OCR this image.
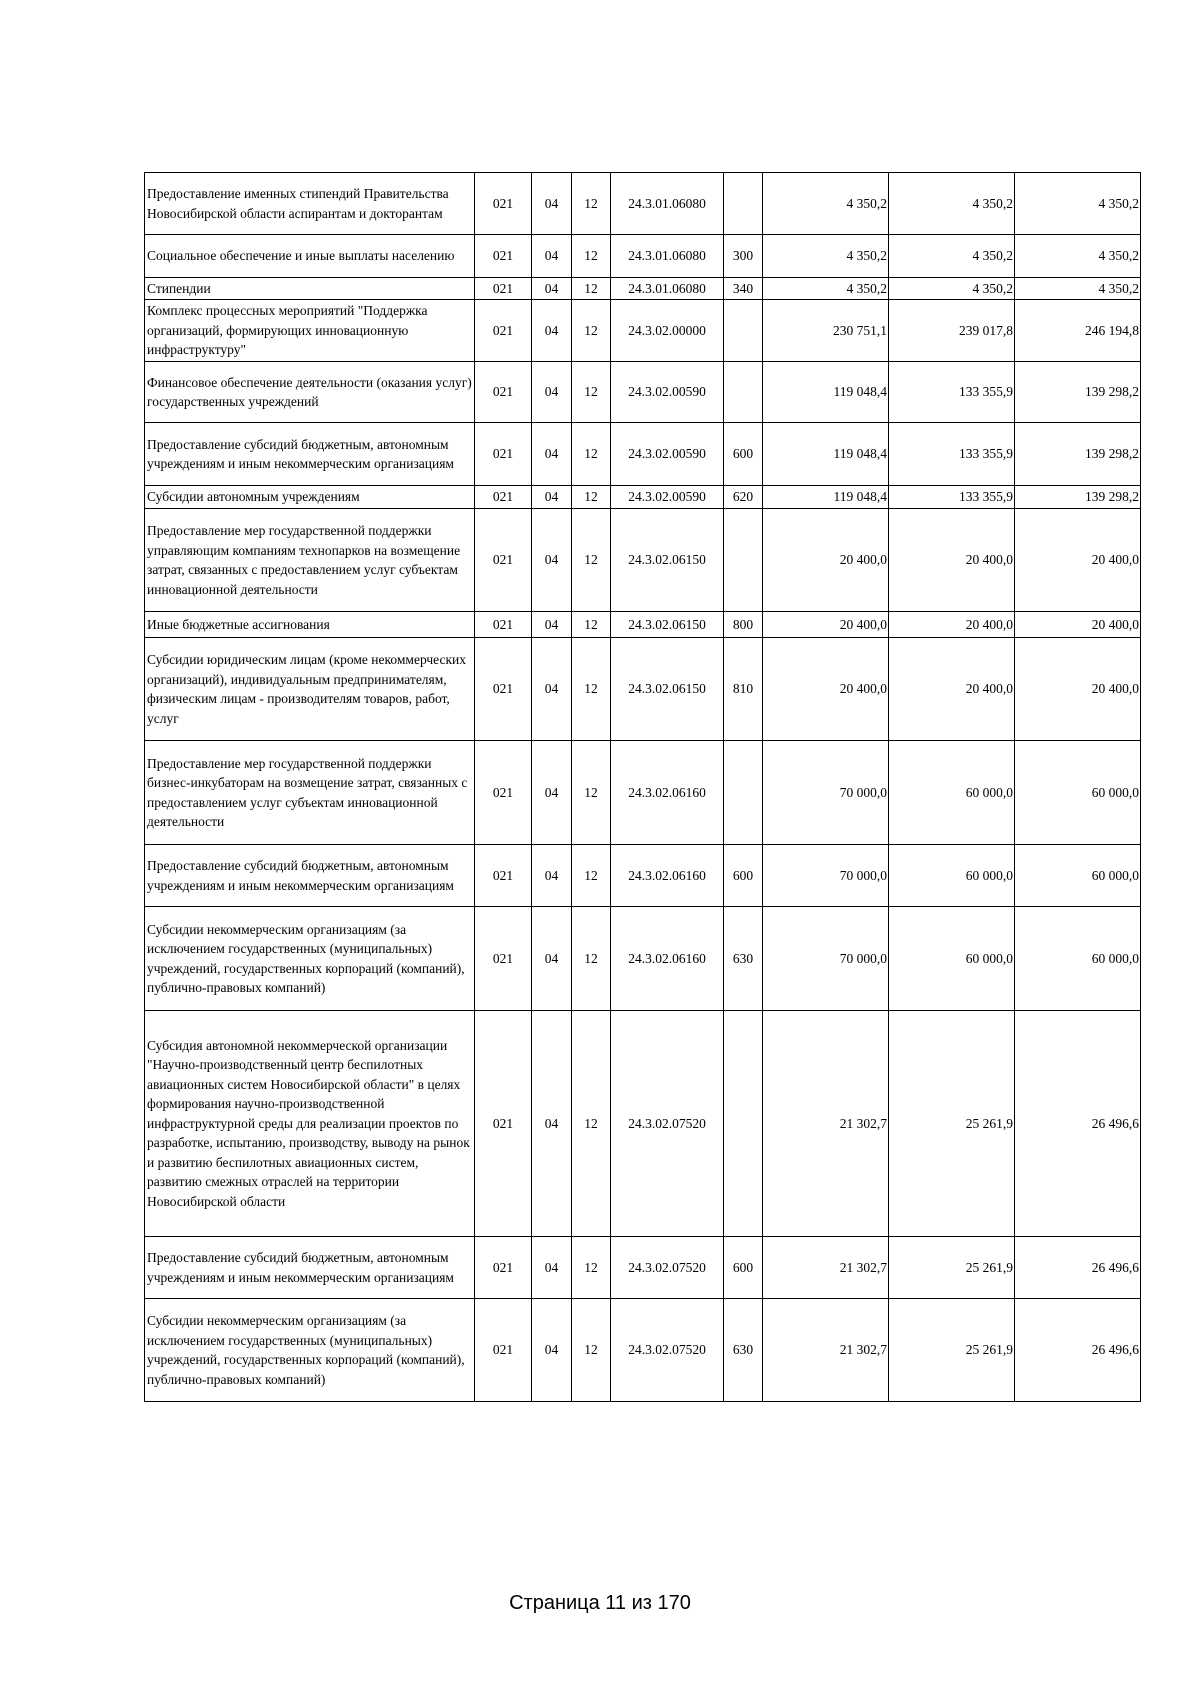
Предоставление именных стипендий Правительства Новосибирской области аспирантам и докторантам	021	04	12	24.3.01.06080		4 350,2	4 350,2	4 350,2
Социальное обеспечение и иные выплаты населению	021	04	12	24.3.01.06080	300	4 350,2	4 350,2	4 350,2
Стипендии	021	04	12	24.3.01.06080	340	4 350,2	4 350,2	4 350,2
Комплекс процессных мероприятий "Поддержка организаций, формирующих инновационную инфраструктуру"	021	04	12	24.3.02.00000		230 751,1	239 017,8	246 194,8
Финансовое обеспечение деятельности (оказания услуг) государственных учреждений	021	04	12	24.3.02.00590		119 048,4	133 355,9	139 298,2
Предоставление субсидий бюджетным, автономным учреждениям и иным некоммерческим организациям	021	04	12	24.3.02.00590	600	119 048,4	133 355,9	139 298,2
Субсидии автономным учреждениям	021	04	12	24.3.02.00590	620	119 048,4	133 355,9	139 298,2
Предоставление мер государственной поддержки управляющим компаниям технопарков на возмещение затрат, связанных с предоставлением услуг субъектам инновационной деятельности	021	04	12	24.3.02.06150		20 400,0	20 400,0	20 400,0
Иные бюджетные ассигнования	021	04	12	24.3.02.06150	800	20 400,0	20 400,0	20 400,0
Субсидии юридическим лицам (кроме некоммерческих организаций), индивидуальным предпринимателям, физическим лицам - производителям товаров, работ, услуг	021	04	12	24.3.02.06150	810	20 400,0	20 400,0	20 400,0
Предоставление мер государственной поддержки бизнес-инкубаторам на возмещение затрат, связанных с предоставлением услуг субъектам инновационной деятельности	021	04	12	24.3.02.06160		70 000,0	60 000,0	60 000,0
Предоставление субсидий бюджетным, автономным учреждениям и иным некоммерческим организациям	021	04	12	24.3.02.06160	600	70 000,0	60 000,0	60 000,0
Субсидии некоммерческим организациям (за исключением государственных (муниципальных) учреждений, государственных корпораций (компаний), публично-правовых компаний)	021	04	12	24.3.02.06160	630	70 000,0	60 000,0	60 000,0
Субсидия автономной некоммерческой организации "Научно-производственный центр беспилотных авиационных систем Новосибирской области" в целях формирования научно-производственной инфраструктурной среды для реализации проектов по разработке, испытанию, производству, выводу на рынок и развитию беспилотных авиационных систем, развитию смежных отраслей на территории Новосибирской области	021	04	12	24.3.02.07520		21 302,7	25 261,9	26 496,6
Предоставление субсидий бюджетным, автономным учреждениям и иным некоммерческим организациям	021	04	12	24.3.02.07520	600	21 302,7	25 261,9	26 496,6
Субсидии некоммерческим организациям (за исключением государственных (муниципальных) учреждений, государственных корпораций (компаний), публично-правовых компаний)	021	04	12	24.3.02.07520	630	21 302,7	25 261,9	26 496,6
Страница 11 из 170
